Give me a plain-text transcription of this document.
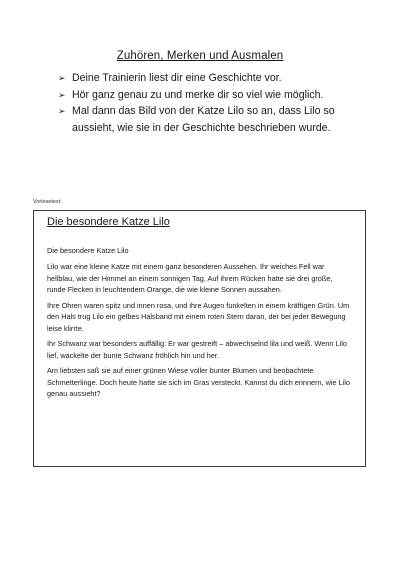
Zuhören, Merken und Ausmalen
➢ Deine Trainierin liest dir eine Geschichte vor.
➢ Hör ganz genau zu und merke dir so viel wie möglich.
➢ Mal dann das Bild von der Katze Lilo so an, dass Lilo so aussieht, wie sie in der Geschichte beschrieben wurde.
Vorlesetext:
Die besondere Katze Lilo

Die besondere Katze Lilo

Lilo war eine kleine Katze mit einem ganz besonderen Aussehen. Ihr weiches Fell war hellblau, wie der Himmel an einem sonnigen Tag. Auf ihrem Rücken hatte sie drei große, runde Flecken in leuchtendem Orange, die wie kleine Sonnen aussahen.

Ihre Ohren waren spitz und innen rosa, und ihre Augen funkelten in einem kräftigen Grün. Um den Hals trug Lilo ein gelbes Halsband mit einem roten Stern daran, der bei jeder Bewegung leise klirrte.

Ihr Schwanz war besonders auffällig: Er war gestreift – abwechselnd lila und weiß. Wenn Lilo lief, wackelte der bunte Schwanz fröhlich hin und her.

Am liebsten saß sie auf einer grünen Wiese voller bunter Blumen und beobachtete Schmetterlinge. Doch heute hatte sie sich im Gras versteckt. Kannst du dich erinnern, wie Lilo genau aussieht?
